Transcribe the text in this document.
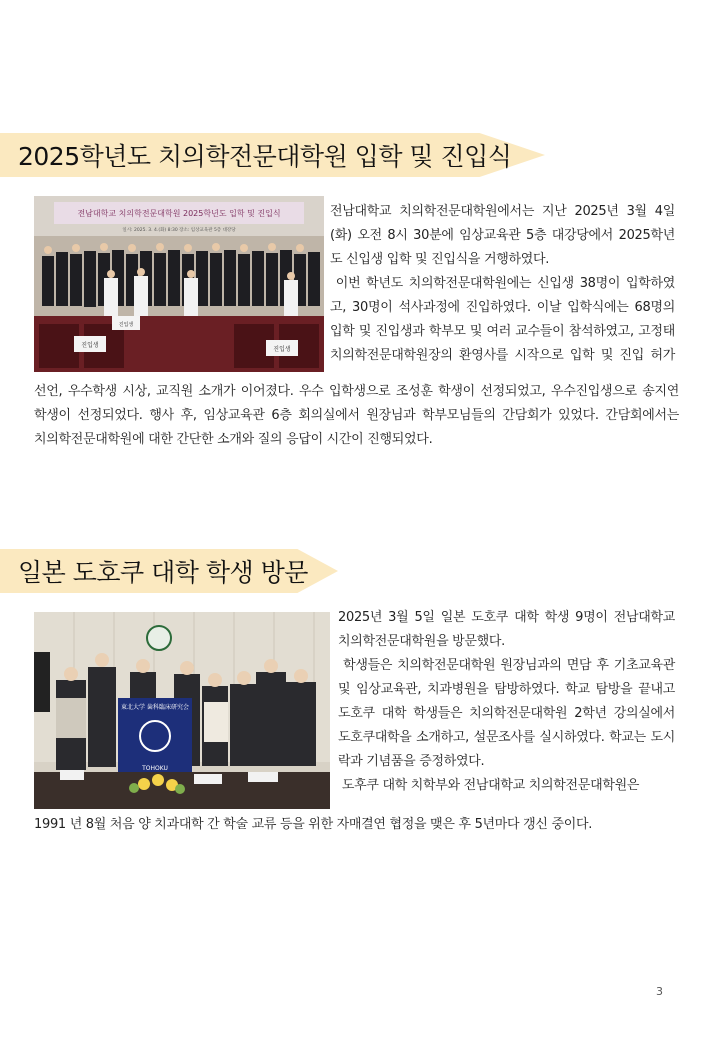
2025학년도 치의학전문대학원 입학 및 진입식
전남대학교 치의학전문대학원 2025학년도 입학 및 진입식
일시: 2025. 3. 4.(화) 8:30 장소: 임상교육관 5층 대강당
진입생
진입생
진입생

전남대학교 치의학전문대학원에서는 지난 2025년 3월 4일

(화) 오전 8시 30분에 임상교육관 5층 대강당에서 2025학년

도 신입생 입학 및 진입식을 거행하였다.

이번 학년도 치의학전문대학원에는 신입생 38명이 입학하였

고, 30명이 석사과정에 진입하였다. 이날 입학식에는 68명의

입학 및 진입생과 학부모 및 여러 교수들이 참석하였고, 고정태

치의학전문대학원장의 환영사를 시작으로 입학 및 진입 허가

선언, 우수학생 시상, 교직원 소개가 이어졌다. 우수 입학생으로 조성훈 학생이 선정되었고, 우수진입생으로 송지연

학생이 선정되었다. 행사 후, 임상교육관 6층 회의실에서 원장님과 학부모님들의 간담회가 있었다. 간담회에서는

치의학전문대학원에 대한 간단한 소개와 질의 응답이 시간이 진행되었다.

일본 도호쿠 대학 학생 방문
東北大学 歯科臨床研究会
TOHOKU

2025년 3월 5일 일본 도호쿠 대학 학생 9명이 전남대학교

치의학전문대학원을 방문했다.

학생들은 치의학전문대학원 원장님과의 면담 후 기초교육관

및 임상교육관, 치과병원을 탐방하였다. 학교 탐방을 끝내고

도호쿠 대학 학생들은 치의학전문대학원 2학년 강의실에서

도호쿠대학을 소개하고, 설문조사를 실시하였다. 학교는 도시

락과 기념품을 증정하였다.

도후쿠 대학 치학부와 전남대학교 치의학전문대학원은

1991 년 8월 처음 양 치과대학 간 학술 교류 등을 위한 자매결연 협정을 맺은 후 5년마다 갱신 중이다.

3
